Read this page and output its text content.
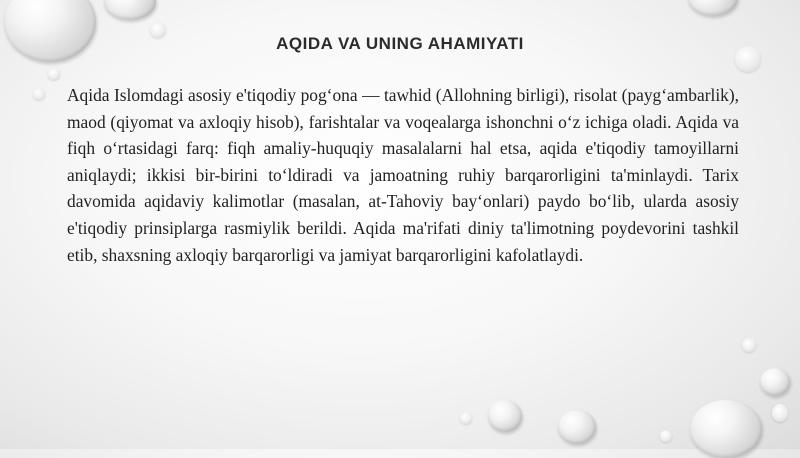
AQIDA VA UNING AHAMIYATI

Aqida Islomdagi asosiy e'tiqodiy pog‘ona — tawhid (Allohning birligi), risolat (payg‘ambarlik), maod (qiyomat va axloqiy hisob), farishtalar va voqealarga ishonchni o‘z ichiga oladi. Aqida va fiqh o‘rtasidagi farq: fiqh amaliy-huquqiy masalalarni hal etsa, aqida e'tiqodiy tamoyillarni aniqlaydi; ikkisi bir-birini to‘ldiradi va jamoatning ruhiy barqarorligini ta'minlaydi. Tarix davomida aqidaviy kalimotlar (masalan, at-Tahoviy bay‘onlari) paydo bo‘lib, ularda asosiy e'tiqodiy prinsiplarga rasmiylik berildi. Aqida ma'rifati diniy ta'limotning poydevorini tashkil etib, shaxsning axloqiy barqarorligi va jamiyat barqarorligini kafolatlaydi.
